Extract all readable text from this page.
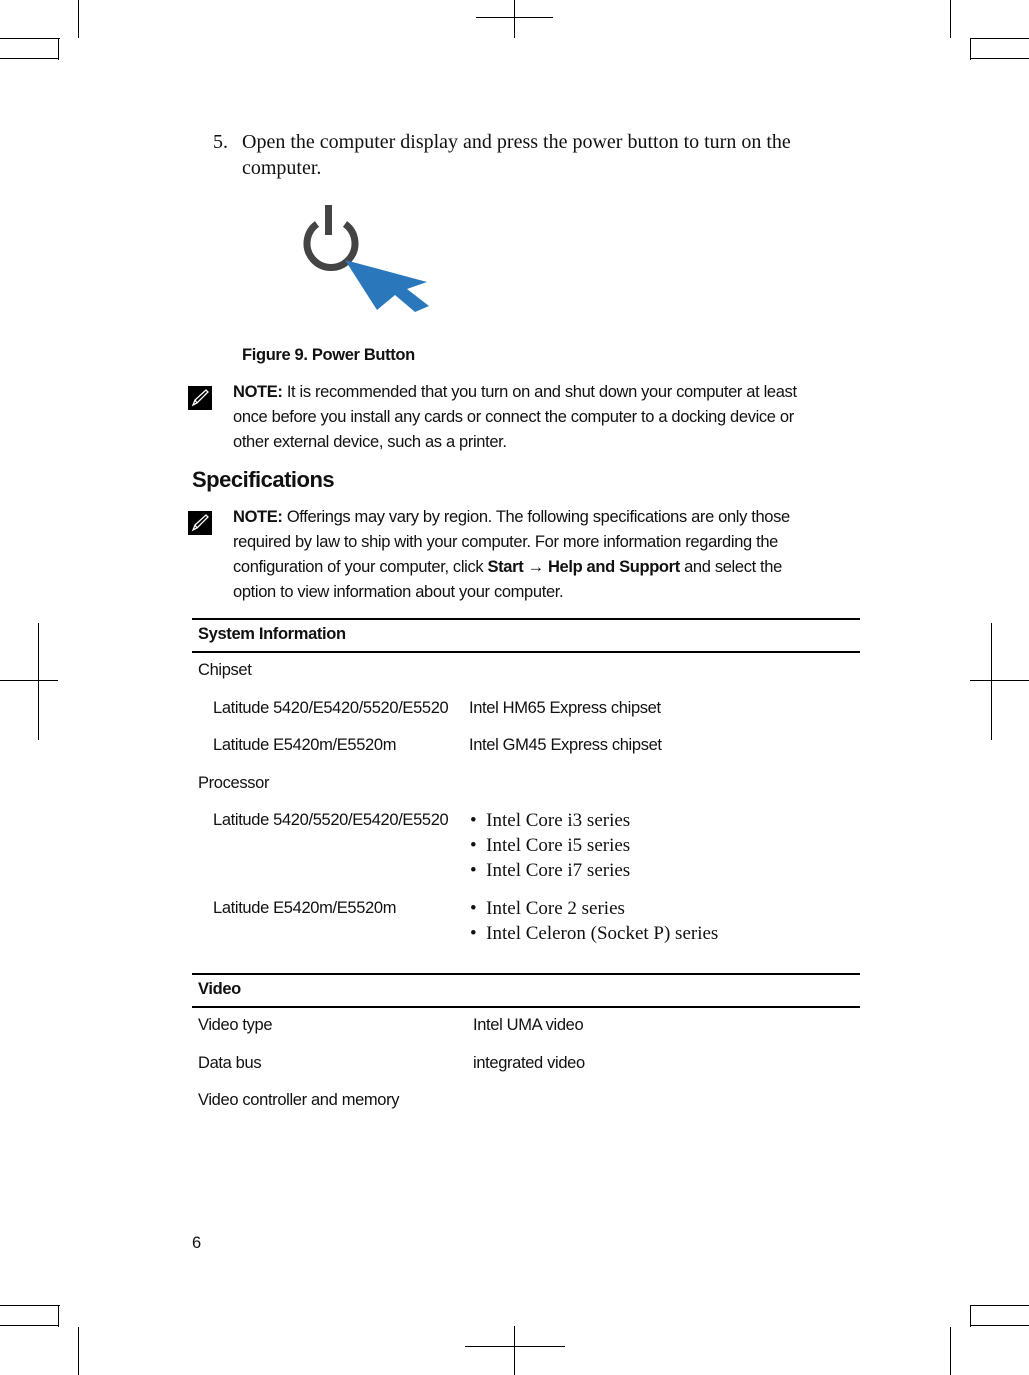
5. Open the computer display and press the power button to turn on the
computer.
Figure 9. Power Button
NOTE: It is recommended that you turn on and shut down your computer at least
once before you install any cards or connect the computer to a docking device or
other external device, such as a printer.
Specifications
NOTE: Offerings may vary by region. The following specifications are only those
required by law to ship with your computer. For more information regarding the
configuration of your computer, click Start → Help and Support and select the
option to view information about your computer.
System Information
Chipset
Latitude 5420/E5420/5520/E5520 Intel HM65 Express chipset
Latitude E5420m/E5520m	Intel GM45 Express chipset
Processor
Latitude 5420/5520/E5420/E5520 •  Intel Core i3 series
•  Intel Core i5 series
•  Intel Core i7 series
Latitude E5420m/E5520m	•  Intel Core 2 series
•  Intel Celeron (Socket P) series
Video
Video type	Intel UMA video
Data bus	integrated video
Video controller and memory
6
